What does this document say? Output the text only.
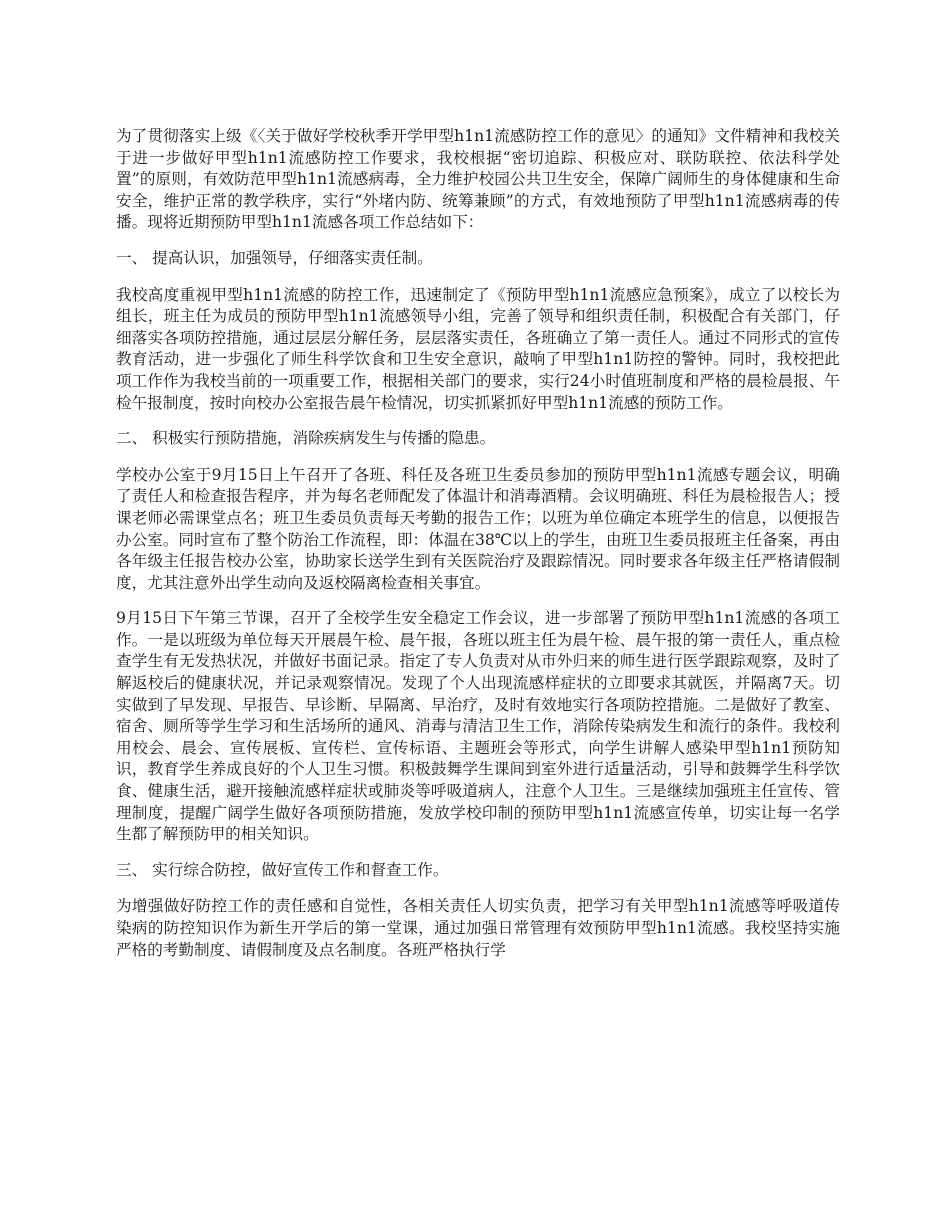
为了贯彻落实上级《〈关于做好学校秋季开学甲型h1n1流感防控工作的意见〉的通知》文件精神和我校关于进一步做好甲型h1n1流感防控工作要求，我校根据“密切追踪、积极应对、联防联控、依法科学处置”的原则，有效防范甲型h1n1流感病毒，全力维护校园公共卫生安全，保障广阔师生的身体健康和生命安全，维护正常的教学秩序，实行“外堵内防、统筹兼顾”的方式，有效地预防了甲型h1n1流感病毒的传播。现将近期预防甲型h1n1流感各项工作总结如下：

一、 提高认识，加强领导，仔细落实责任制。

我校高度重视甲型h1n1流感的防控工作，迅速制定了《预防甲型h1n1流感应急预案》，成立了以校长为组长，班主任为成员的预防甲型h1n1流感领导小组，完善了领导和组织责任制，积极配合有关部门，仔细落实各项防控措施，通过层层分解任务，层层落实责任，各班确立了第一责任人。通过不同形式的宣传教育活动，进一步强化了师生科学饮食和卫生安全意识，敲响了甲型h1n1防控的警钟。同时，我校把此项工作作为我校当前的一项重要工作，根据相关部门的要求，实行24小时值班制度和严格的晨检晨报、午检午报制度，按时向校办公室报告晨午检情况，切实抓紧抓好甲型h1n1流感的预防工作。

二、 积极实行预防措施，消除疾病发生与传播的隐患。

学校办公室于9月15日上午召开了各班、科任及各班卫生委员参加的预防甲型h1n1流感专题会议，明确了责任人和检查报告程序，并为每名老师配发了体温计和消毒酒精。会议明确班、科任为晨检报告人；授课老师必需课堂点名；班卫生委员负责每天考勤的报告工作；以班为单位确定本班学生的信息，以便报告办公室。同时宣布了整个防治工作流程，即：体温在38℃以上的学生，由班卫生委员报班主任备案，再由各年级主任报告校办公室，协助家长送学生到有关医院治疗及跟踪情况。同时要求各年级主任严格请假制度，尤其注意外出学生动向及返校隔离检查相关事宜。

9月15日下午第三节课，召开了全校学生安全稳定工作会议，进一步部署了预防甲型h1n1流感的各项工作。一是以班级为单位每天开展晨午检、晨午报，各班以班主任为晨午检、晨午报的第一责任人，重点检查学生有无发热状况，并做好书面记录。指定了专人负责对从市外归来的师生进行医学跟踪观察，及时了解返校后的健康状况，并记录观察情况。发现了个人出现流感样症状的立即要求其就医，并隔离7天。切实做到了早发现、早报告、早诊断、早隔离、早治疗，及时有效地实行各项防控措施。二是做好了教室、宿舍、厕所等学生学习和生活场所的通风、消毒与清洁卫生工作，消除传染病发生和流行的条件。我校利用校会、晨会、宣传展板、宣传栏、宣传标语、主题班会等形式，向学生讲解人感染甲型h1n1预防知识，教育学生养成良好的个人卫生习惯。积极鼓舞学生课间到室外进行适量活动，引导和鼓舞学生科学饮食、健康生活，避开接触流感样症状或肺炎等呼吸道病人，注意个人卫生。三是继续加强班主任宣传、管理制度，提醒广阔学生做好各项预防措施，发放学校印制的预防甲型h1n1流感宣传单，切实让每一名学生都了解预防甲的相关知识。

三、 实行综合防控，做好宣传工作和督查工作。

为增强做好防控工作的责任感和自觉性，各相关责任人切实负责，把学习有关甲型h1n1流感等呼吸道传染病的防控知识作为新生开学后的第一堂课，通过加强日常管理有效预防甲型h1n1流感。我校坚持实施严格的考勤制度、请假制度及点名制度。各班严格执行学
